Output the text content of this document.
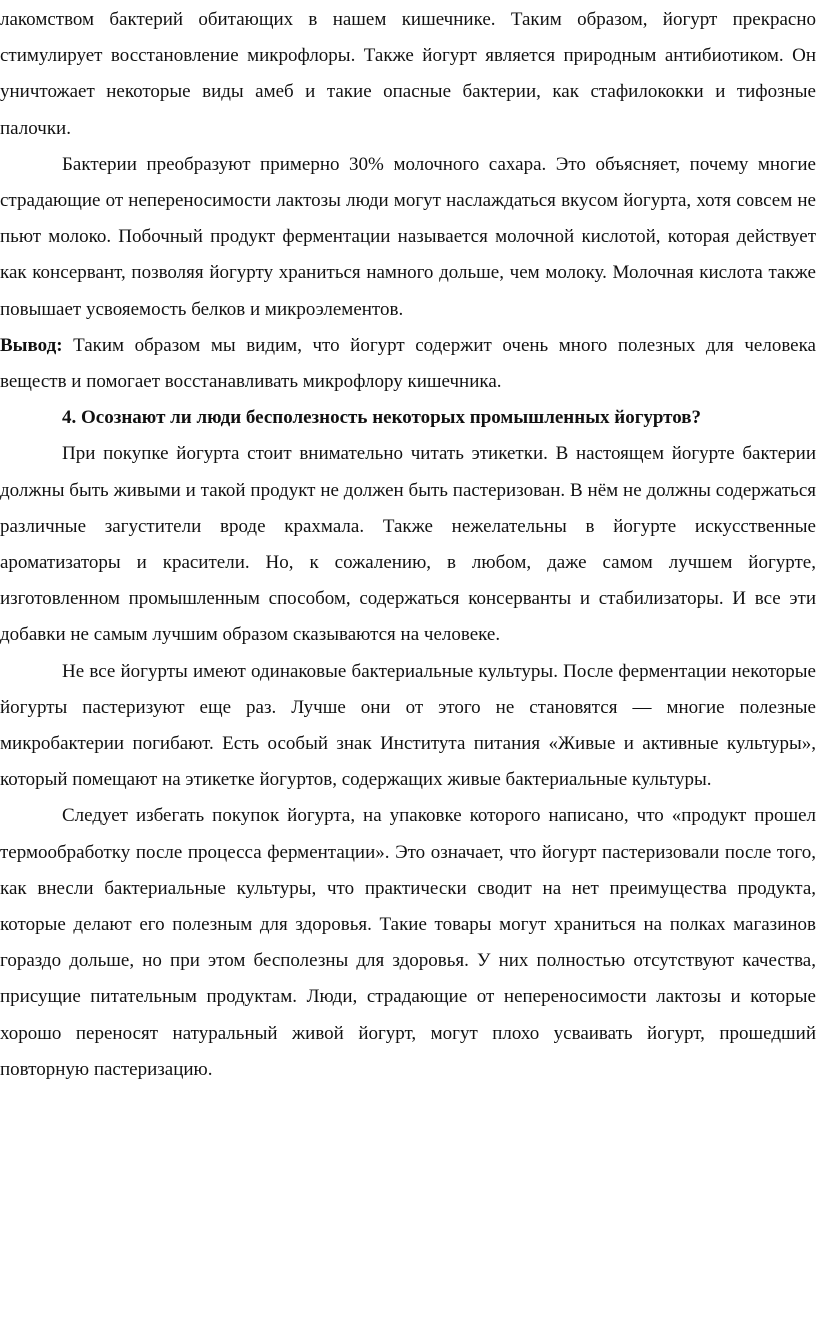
лакомством бактерий обитающих в нашем кишечнике. Таким образом, йогурт прекрасно стимулирует восстановление микрофлоры. Также йогурт является природным антибиотиком. Он уничтожает некоторые виды амеб и такие опасные бактерии, как стафилококки и тифозные палочки.

Бактерии преобразуют примерно 30% молочного сахара. Это объясняет, почему многие страдающие от непереносимости лактозы люди могут наслаждаться вкусом йогурта, хотя совсем не пьют молоко. Побочный продукт ферментации называется молочной кислотой, которая действует как консервант, позволяя йогурту храниться намного дольше, чем молоку. Молочная кислота также повышает усвояемость белков и микроэлементов.

Вывод: Таким образом мы видим, что йогурт содержит очень много полезных для человека веществ и помогает восстанавливать микрофлору кишечника.

4. Осознают ли люди бесполезность некоторых промышленных йогуртов?

При покупке йогурта стоит внимательно читать этикетки. В настоящем йогурте бактерии должны быть живыми и такой продукт не должен быть пастеризован. В нём не должны содержаться различные загустители вроде крахмала. Также нежелательны в йогурте искусственные ароматизаторы и красители. Но, к сожалению, в любом, даже самом лучшем йогурте, изготовленном промышленным способом, содержаться консерванты и стабилизаторы. И все эти добавки не самым лучшим образом сказываются на человеке.

Не все йогурты имеют одинаковые бактериальные культуры. После ферментации некоторые йогурты пастеризуют еще раз. Лучше они от этого не становятся — многие полезные микробактерии погибают. Есть особый знак Института питания «Живые и активные культуры», который помещают на этикетке йогуртов, содержащих живые бактериальные культуры.

Следует избегать покупок йогурта, на упаковке которого написано, что «продукт прошел термообработку после процесса ферментации». Это означает, что йогурт пастеризовали после того, как внесли бактериальные культуры, что практически сводит на нет преимущества продукта, которые делают его полезным для здоровья. Такие товары могут храниться на полках магазинов гораздо дольше, но при этом бесполезны для здоровья. У них полностью отсутствуют качества, присущие питательным продуктам. Люди, страдающие от непереносимости лактозы и которые хорошо переносят натуральный живой йогурт, могут плохо усваивать йогурт, прошедший повторную пастеризацию.
